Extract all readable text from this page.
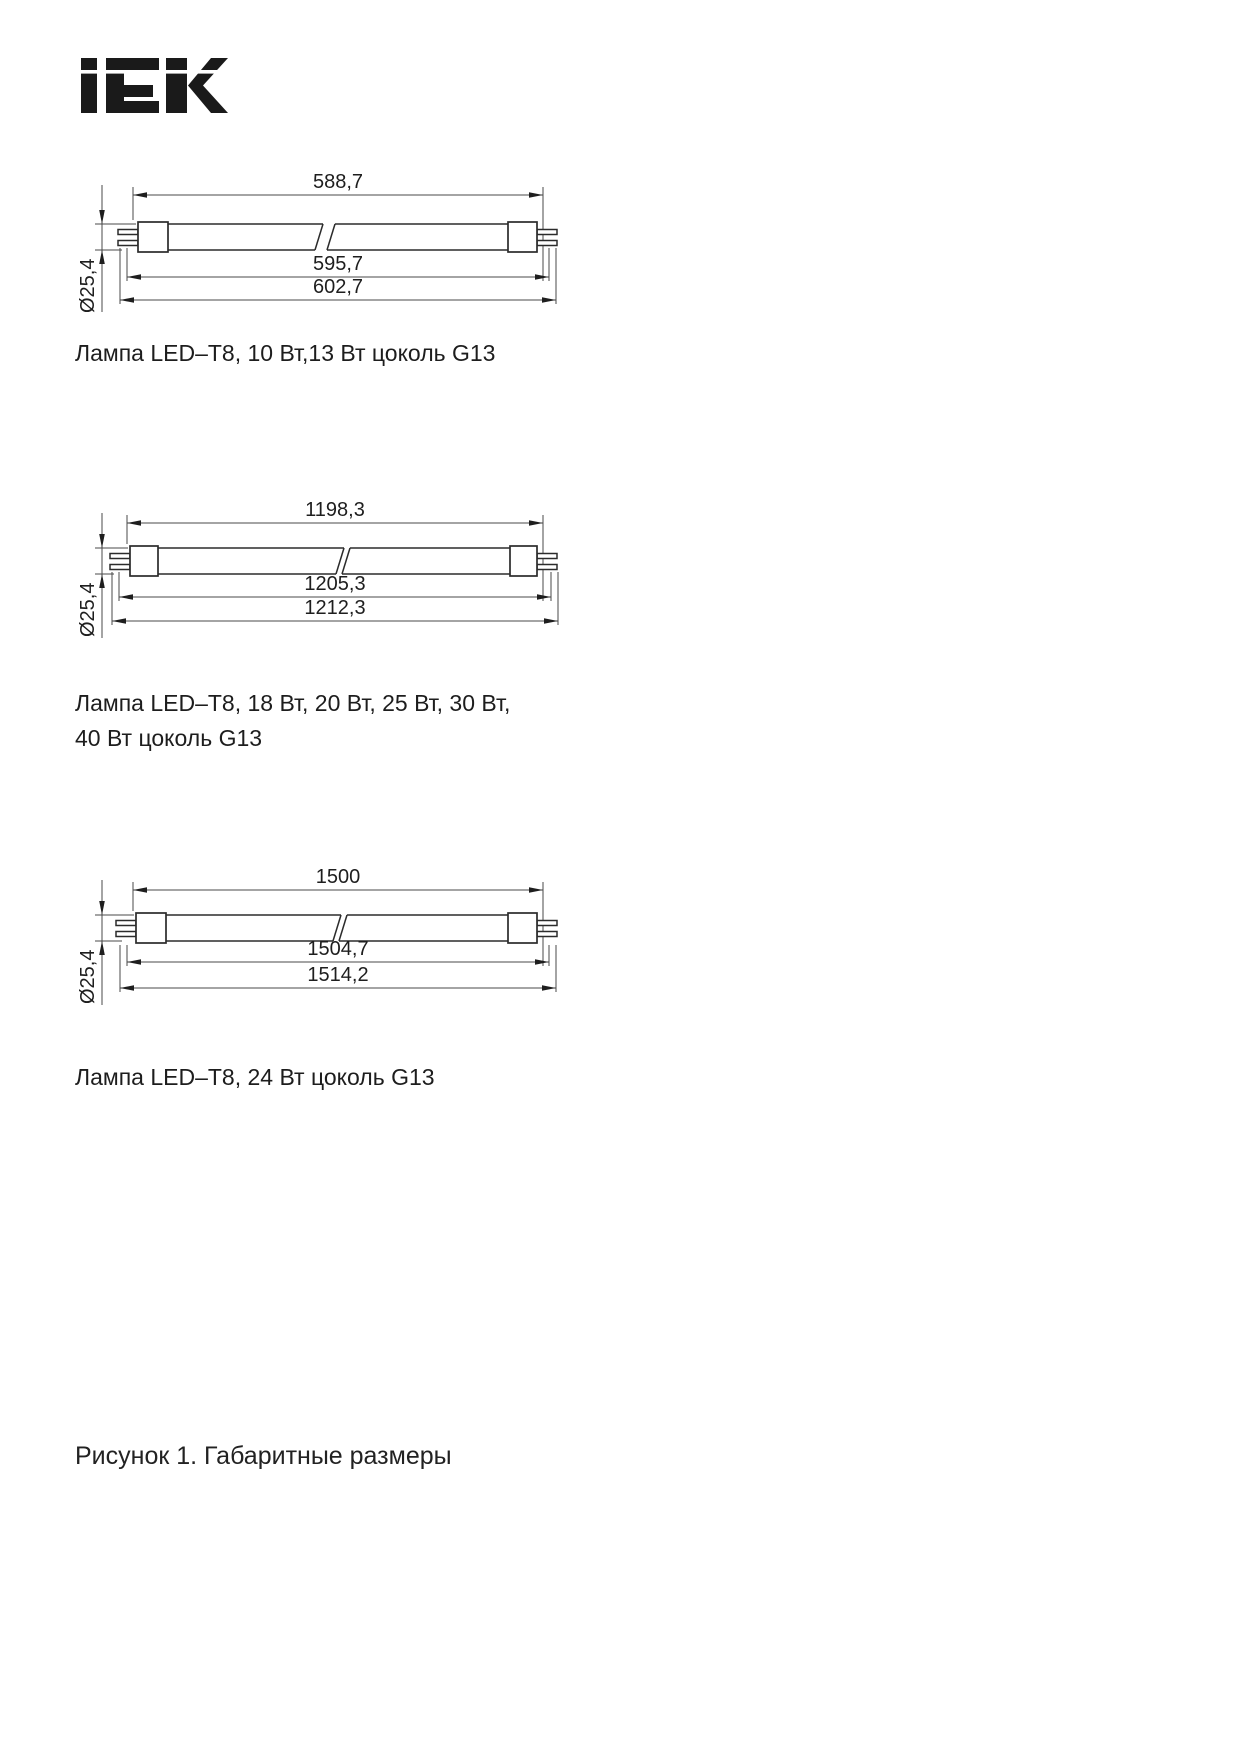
588,7
595,7
602,7
Ø25,4
Лампа LED–T8, 10 Вт,13 Вт цоколь G13
1198,3
1205,3
1212,3
Ø25,4
Лампа LED–T8, 18 Вт, 20 Вт, 25 Вт, 30 Вт,
40 Вт цоколь G13
1500
1504,7
1514,2
Ø25,4
Лампа LED–T8, 24 Вт цоколь G13
Рисунок 1. Габаритные размеры
